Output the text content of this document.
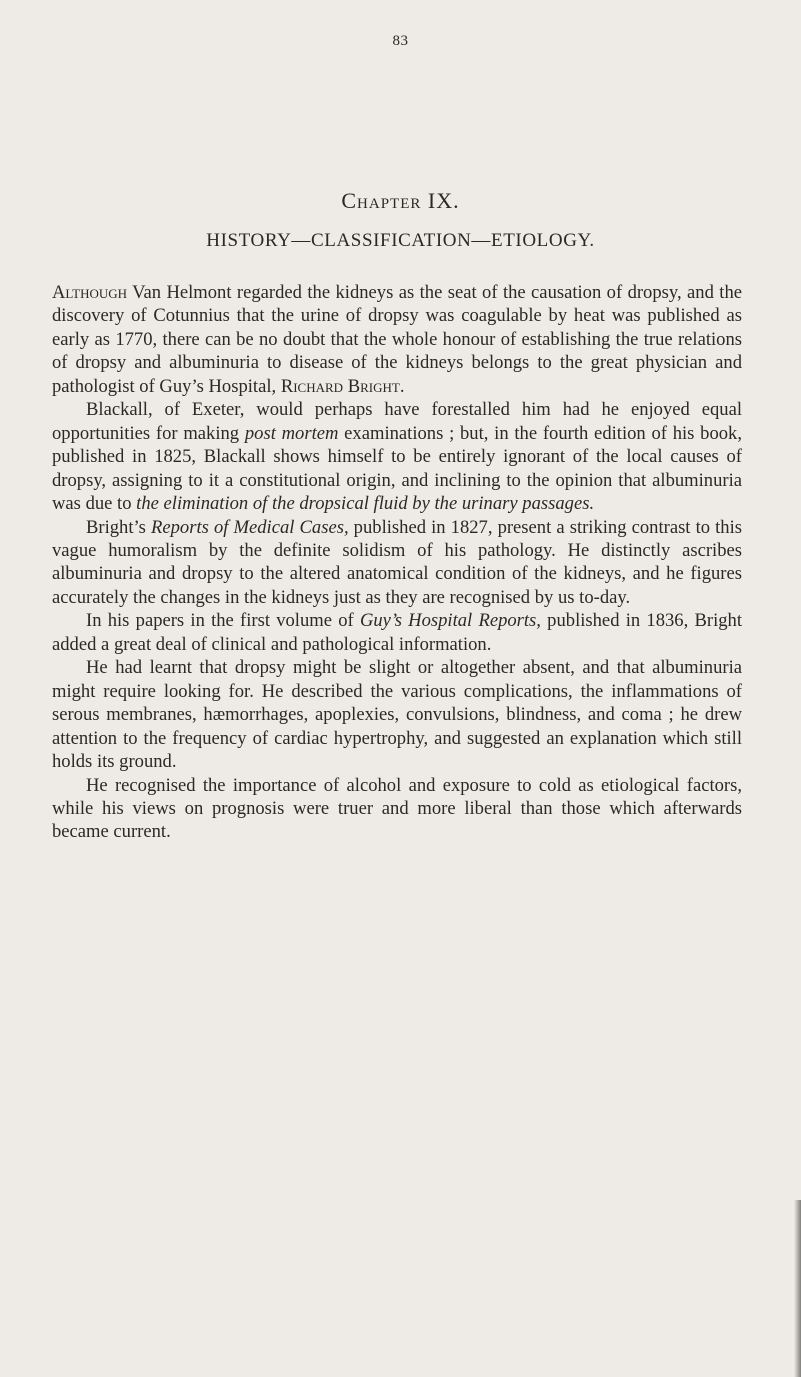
83
Chapter IX.
HISTORY—CLASSIFICATION—ETIOLOGY.

Although Van Helmont regarded the kidneys as the seat of the causation of dropsy, and the discovery of Cotunnius that the urine of dropsy was coagulable by heat was published as early as 1770, there can be no doubt that the whole honour of establishing the true relations of dropsy and albuminuria to disease of the kidneys belongs to the great physician and pathologist of Guy’s Hospital, Richard Bright.

Blackall, of Exeter, would perhaps have forestalled him had he enjoyed equal opportunities for making post mortem examinations ; but, in the fourth edition of his book, published in 1825, Blackall shows himself to be entirely ignorant of the local causes of dropsy, assigning to it a constitutional origin, and inclining to the opinion that albuminuria was due to the elimination of the dropsical fluid by the urinary passages.

Bright’s Reports of Medical Cases, published in 1827, present a striking contrast to this vague humoralism by the definite solidism of his pathology. He distinctly ascribes albuminuria and dropsy to the altered anatomical condition of the kidneys, and he figures accurately the changes in the kidneys just as they are recognised by us to-day.

In his papers in the first volume of Guy’s Hospital Reports, published in 1836, Bright added a great deal of clinical and pathological information.

He had learnt that dropsy might be slight or altogether absent, and that albuminuria might require looking for. He described the various complications, the inflammations of serous membranes, hæmorrhages, apoplexies, convulsions, blindness, and coma ; he drew attention to the frequency of cardiac hypertrophy, and suggested an explanation which still holds its ground.

He recognised the importance of alcohol and exposure to cold as etiological factors, while his views on prognosis were truer and more liberal than those which afterwards became current.
